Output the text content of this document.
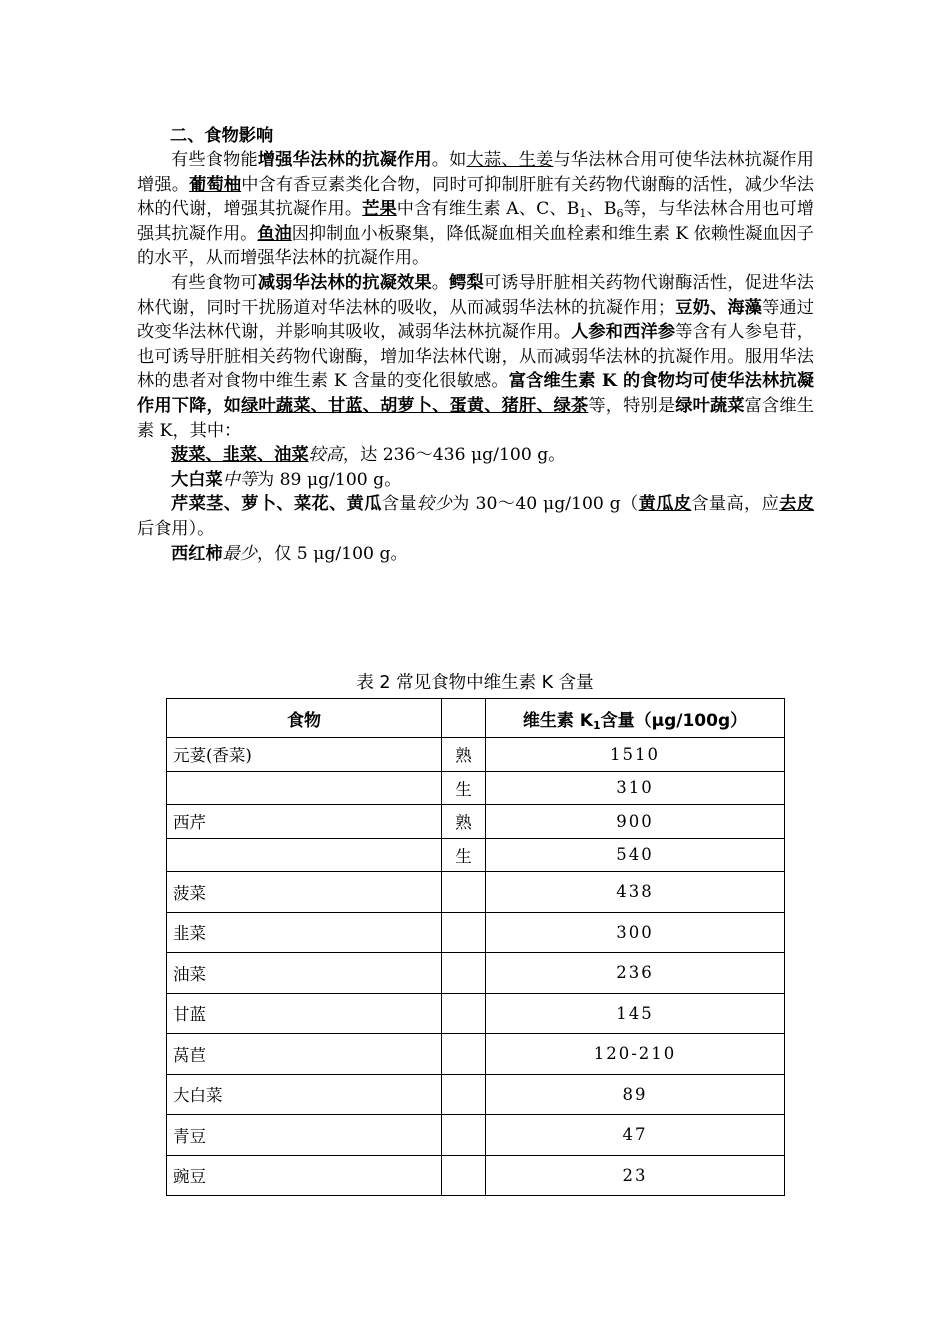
二、食物影响

有些食物能增强华法林的抗凝作用。如大蒜、生姜与华法林合用可使华法林抗凝作用增强。葡萄柚中含有香豆素类化合物，同时可抑制肝脏有关药物代谢酶的活性，减少华法林的代谢，增强其抗凝作用。芒果中含有维生素 A、C、$B_1$、$B_6$等，与华法林合用也可增强其抗凝作用。鱼油因抑制血小板聚集，降低凝血相关血栓素和维生素 K 依赖性凝血因子的水平，从而增强华法林的抗凝作用。

有些食物可减弱华法林的抗凝效果。鳄梨可诱导肝脏相关药物代谢酶活性，促进华法林代谢，同时干扰肠道对华法林的吸收，从而减弱华法林的抗凝作用；豆奶、海藻等通过改变华法林代谢，并影响其吸收，减弱华法林抗凝作用。人参和西洋参等含有人参皂苷，也可诱导肝脏相关药物代谢酶，增加华法林代谢，从而减弱华法林的抗凝作用。服用华法林的患者对食物中维生素 K 含量的变化很敏感。富含维生素 K 的食物均可使华法林抗凝作用下降，如绿叶蔬菜、甘蓝、胡萝卜、蛋黄、猪肝、绿茶等，特别是绿叶蔬菜富含维生素 K，其中：

菠菜、韭菜、油菜较高，达 236～436 μg/100 g。

大白菜中等为 89 μg/100 g。

芹菜茎、萝卜、菜花、黄瓜含量较少为 30～40 μg/100 g（黄瓜皮含量高，应去皮后食用）。

西红柿最少，仅 5 μg/100 g。

表 2 常见食物中维生素 K 含量
食物		维生素 $K_1$含量（μg/100g）
元荽(香菜)	熟	1510
	生	310
西芹	熟	900
	生	540
菠菜		438
韭菜		300
油菜		236
甘蓝		145
莴苣		120-210
大白菜		89
青豆		47
豌豆		23
